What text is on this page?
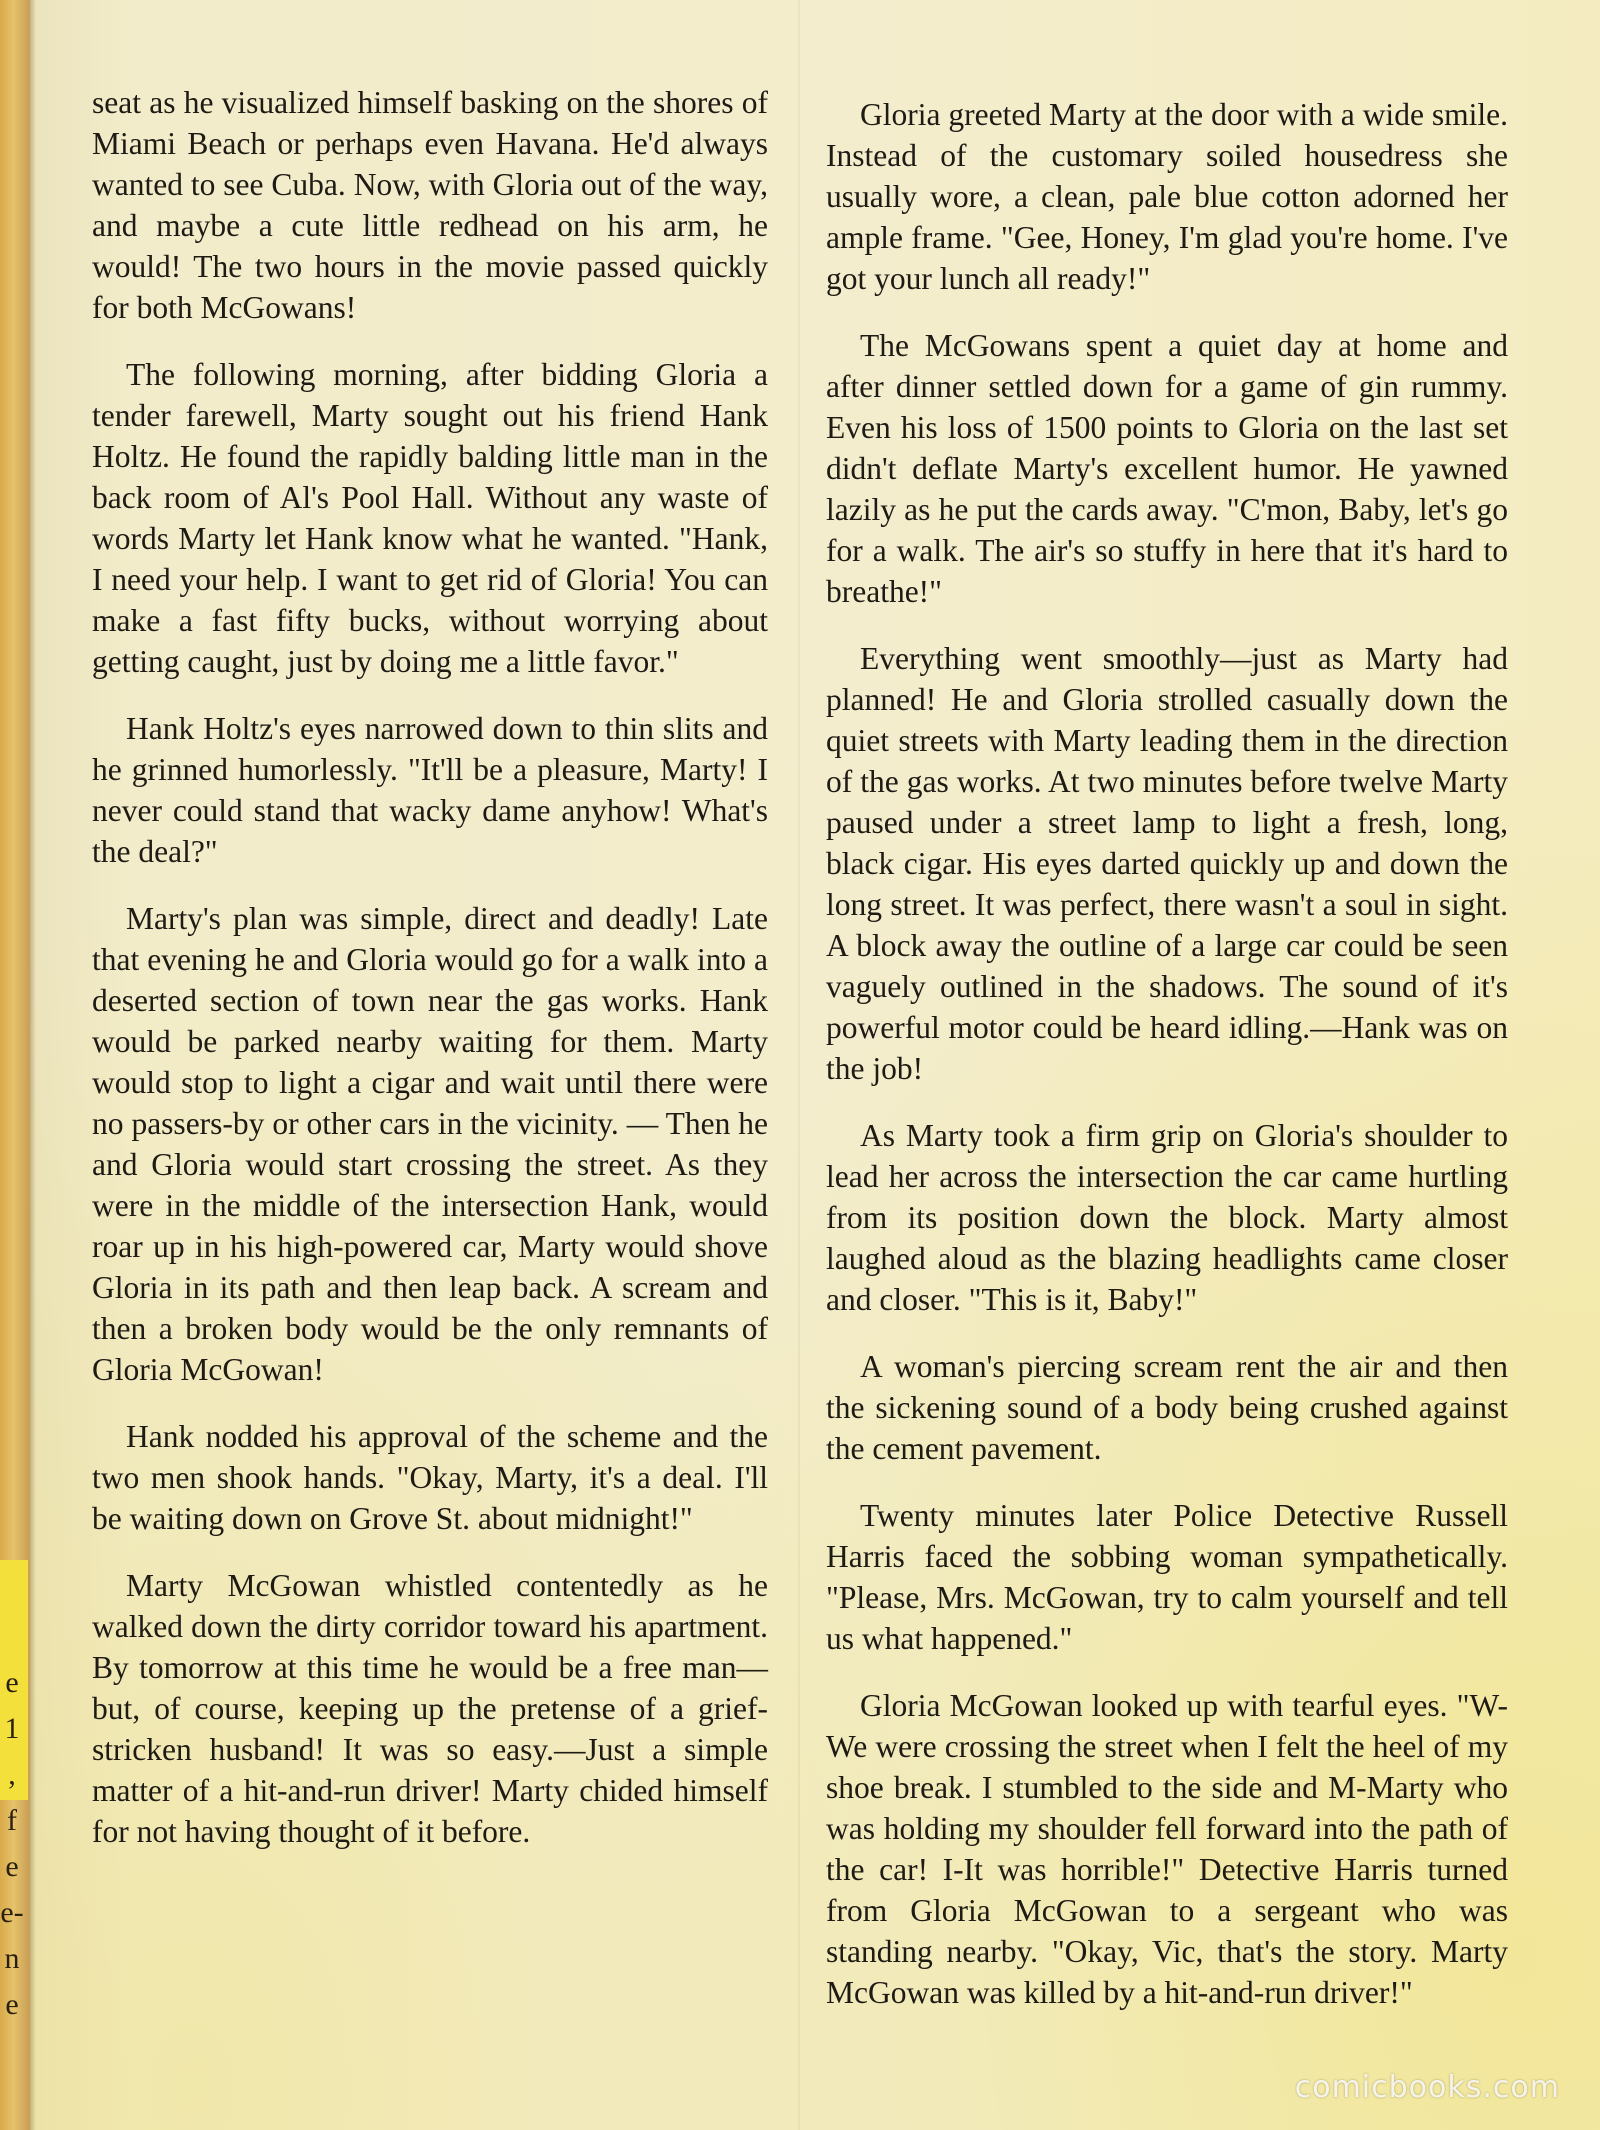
e
1
,
f
e
e-
n
e

seat as he visualized himself basking on the shores of Miami Beach or perhaps even Havana. He'd always wanted to see Cuba. Now, with Gloria out of the way, and maybe a cute little redhead on his arm, he would! The two hours in the movie passed quickly for both McGowans!

The following morning, after bidding Gloria a tender farewell, Marty sought out his friend Hank Holtz. He found the rapidly balding little man in the back room of Al's Pool Hall. Without any waste of words Marty let Hank know what he wanted. "Hank, I need your help. I want to get rid of Gloria! You can make a fast fifty bucks, without worrying about getting caught, just by doing me a little favor."

Hank Holtz's eyes narrowed down to thin slits and he grinned humorlessly. "It'll be a pleasure, Marty! I never could stand that wacky dame anyhow! What's the deal?"

Marty's plan was simple, direct and deadly! Late that evening he and Gloria would go for a walk into a deserted section of town near the gas works. Hank would be parked nearby waiting for them. Marty would stop to light a cigar and wait until there were no passers-by or other cars in the vicinity. — Then he and Gloria would start crossing the street. As they were in the middle of the intersection Hank, would roar up in his high-powered car, Marty would shove Gloria in its path and then leap back. A scream and then a broken body would be the only remnants of Gloria McGowan!

Hank nodded his approval of the scheme and the two men shook hands. "Okay, Marty, it's a deal. I'll be waiting down on Grove St. about midnight!"

Marty McGowan whistled contentedly as he walked down the dirty corridor toward his apartment. By tomorrow at this time he would be a free man—but, of course, keeping up the pretense of a grief-stricken husband! It was so easy.—Just a simple matter of a hit-and-run driver! Marty chided himself for not having thought of it before.

Gloria greeted Marty at the door with a wide smile. Instead of the customary soiled housedress she usually wore, a clean, pale blue cotton adorned her ample frame. "Gee, Honey, I'm glad you're home. I've got your lunch all ready!"

The McGowans spent a quiet day at home and after dinner settled down for a game of gin rummy. Even his loss of 1500 points to Gloria on the last set didn't deflate Marty's excellent humor. He yawned lazily as he put the cards away. "C'mon, Baby, let's go for a walk. The air's so stuffy in here that it's hard to breathe!"

Everything went smoothly—just as Marty had planned! He and Gloria strolled casually down the quiet streets with Marty leading them in the direction of the gas works. At two minutes before twelve Marty paused under a street lamp to light a fresh, long, black cigar. His eyes darted quickly up and down the long street. It was perfect, there wasn't a soul in sight. A block away the outline of a large car could be seen vaguely outlined in the shadows. The sound of it's powerful motor could be heard idling.—Hank was on the job!

As Marty took a firm grip on Gloria's shoulder to lead her across the intersection the car came hurtling from its position down the block. Marty almost laughed aloud as the blazing headlights came closer and closer. "This is it, Baby!"

A woman's piercing scream rent the air and then the sickening sound of a body being crushed against the cement pavement.

Twenty minutes later Police Detective Russell Harris faced the sobbing woman sympathetically. "Please, Mrs. McGowan, try to calm yourself and tell us what happened."

Gloria McGowan looked up with tearful eyes. "W-We were crossing the street when I felt the heel of my shoe break. I stumbled to the side and M-Marty who was holding my shoulder fell forward into the path of the car! I-It was horrible!" Detective Harris turned from Gloria McGowan to a sergeant who was standing nearby. "Okay, Vic, that's the story. Marty McGowan was killed by a hit-and-run driver!"

comicbooks.com
